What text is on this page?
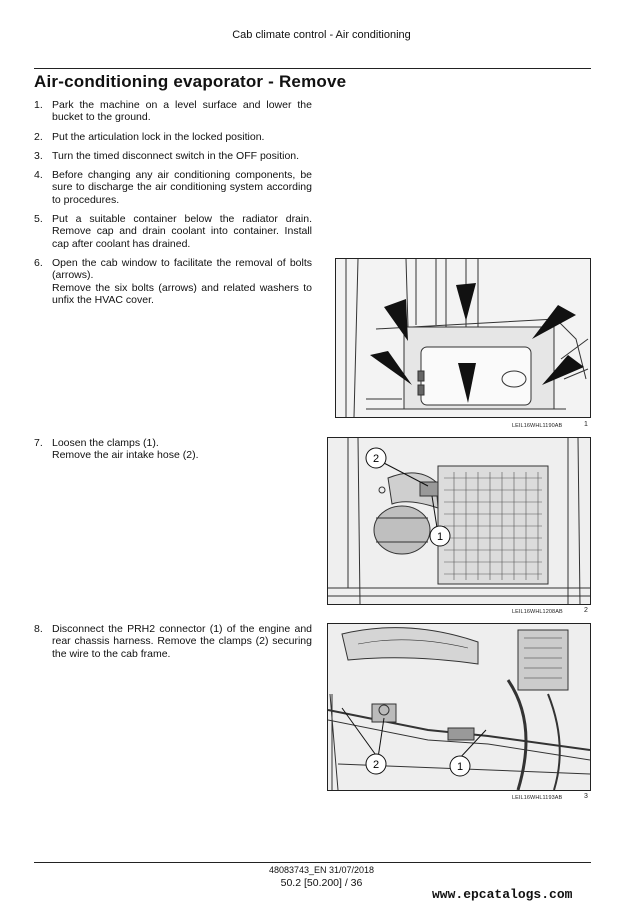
Cab climate control - Air conditioning
Air-conditioning evaporator - Remove
1. Park the machine on a level surface and lower the bucket to the ground.

2. Put the articulation lock in the locked position.

3. Turn the timed disconnect switch in the OFF position.

4. Before changing any air conditioning components, be sure to discharge the air conditioning system according to procedures.

5. Put a suitable container below the radiator drain. Remove cap and drain coolant into container. Install cap after coolant has drained.

6. Open the cab window to facilitate the removal of bolts (arrows).

Remove the six bolts (arrows) and related washers to unfix the HVAC cover.

7. Loosen the clamps (1).

Remove the air intake hose (2).

8. Disconnect the PRH2 connector (1) of the engine and rear chassis harness. Remove the clamps (2) securing the wire to the cab frame.

LEIL16WHL1190AB	1
2
1
LEIL16WHL1208AB	2
2	1
LEIL16WHL1193AB	3
48083743_EN 31/07/2018
50.2 [50.200] / 36
www.epcatalogs.com
